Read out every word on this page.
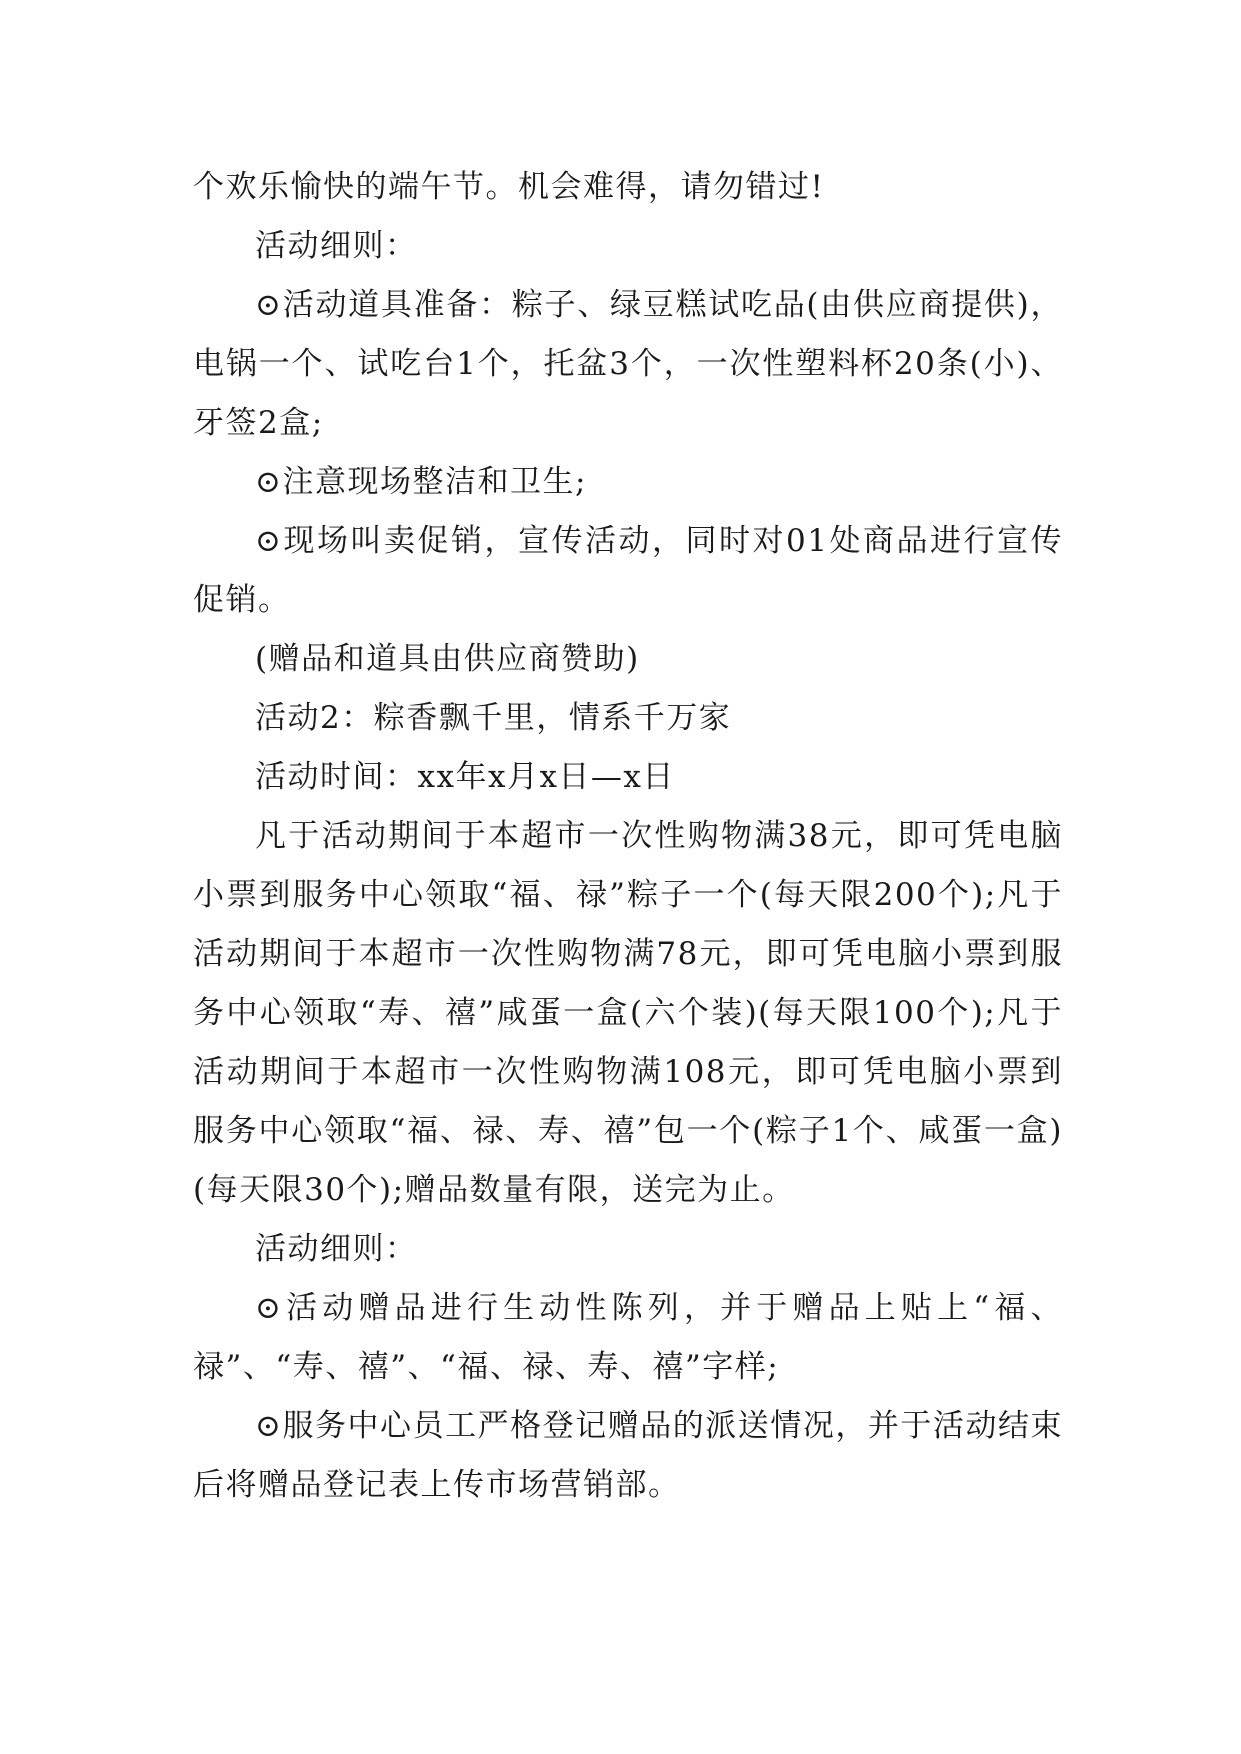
个欢乐愉快的端午节。机会难得，请勿错过!

活动细则：

⊙活动道具准备：粽子、绿豆糕试吃品(由供应商提供)，电锅一个、试吃台1个，托盆3个，一次性塑料杯20条(小)、牙签2盒;

⊙注意现场整洁和卫生;

⊙现场叫卖促销，宣传活动，同时对01处商品进行宣传促销。

(赠品和道具由供应商赞助)

活动2：粽香飘千里，情系千万家

活动时间：xx年x月x日—x日

凡于活动期间于本超市一次性购物满38元，即可凭电脑小票到服务中心领取“福、禄”粽子一个(每天限200个);凡于活动期间于本超市一次性购物满78元，即可凭电脑小票到服务中心领取“寿、禧”咸蛋一盒(六个装)(每天限100个);凡于活动期间于本超市一次性购物满108元，即可凭电脑小票到服务中心领取“福、禄、寿、禧”包一个(粽子1个、咸蛋一盒)(每天限30个);赠品数量有限，送完为止。

活动细则：

⊙活动赠品进行生动性陈列，并于赠品上贴上“福、禄”、“寿、禧”、“福、禄、寿、禧”字样;

⊙服务中心员工严格登记赠品的派送情况，并于活动结束后将赠品登记表上传市场营销部。
